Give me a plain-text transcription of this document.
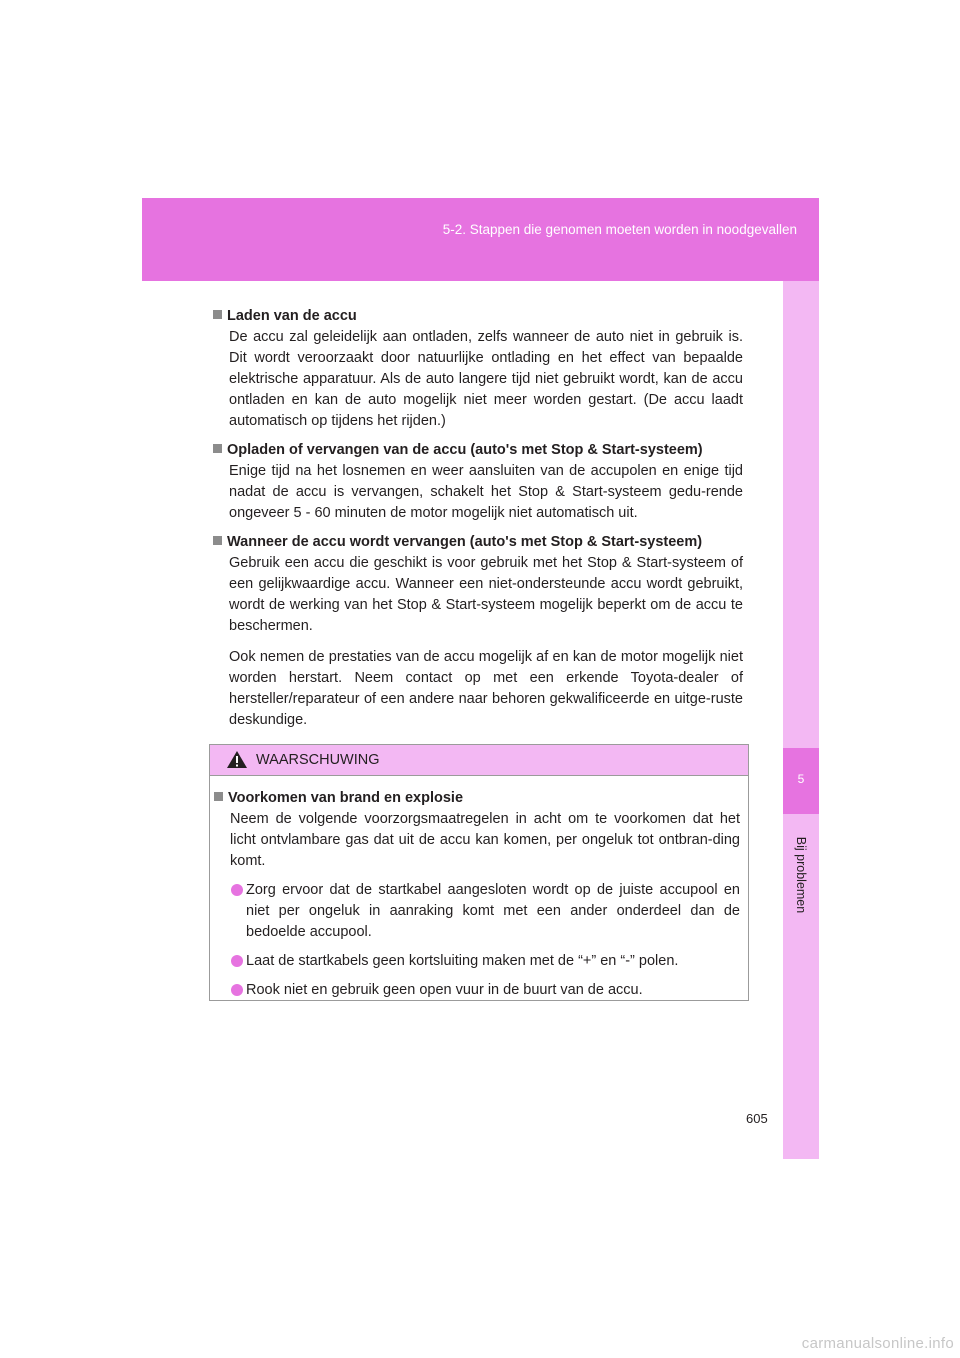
5-2. Stappen die genomen moeten worden in noodgevallen
5
Bij problemen

Laden van de accu

De accu zal geleidelijk aan ontladen, zelfs wanneer de auto niet in gebruik is. Dit wordt veroorzaakt door natuurlijke ontlading en het effect van bepaalde elektrische apparatuur. Als de auto langere tijd niet gebruikt wordt, kan de accu ontladen en kan de auto mogelijk niet meer worden gestart. (De accu laadt automatisch op tijdens het rijden.)

Opladen of vervangen van de accu (auto's met Stop & Start-systeem)

Enige tijd na het losnemen en weer aansluiten van de accupolen en enige tijd nadat de accu is vervangen, schakelt het Stop & Start-systeem gedu-rende ongeveer 5 - 60 minuten de motor mogelijk niet automatisch uit.

Wanneer de accu wordt vervangen (auto's met Stop & Start-systeem)

Gebruik een accu die geschikt is voor gebruik met het Stop & Start-systeem of een gelijkwaardige accu. Wanneer een niet-ondersteunde accu wordt gebruikt, wordt de werking van het Stop & Start-systeem mogelijk beperkt om de accu te beschermen.

Ook nemen de prestaties van de accu mogelijk af en kan de motor mogelijk niet worden herstart. Neem contact op met een erkende Toyota-dealer of hersteller/reparateur of een andere naar behoren gekwalificeerde en uitge-ruste deskundige.

WAARSCHUWING

Voorkomen van brand en explosie

Neem de volgende voorzorgsmaatregelen in acht om te voorkomen dat het licht ontvlambare gas dat uit de accu kan komen, per ongeluk tot ontbran-ding komt.

Zorg ervoor dat de startkabel aangesloten wordt op de juiste accupool en niet per ongeluk in aanraking komt met een ander onderdeel dan de bedoelde accupool.
Laat de startkabels geen kortsluiting maken met de “+” en “-” polen.
Rook niet en gebruik geen open vuur in de buurt van de accu.
605
carmanualsonline.info
